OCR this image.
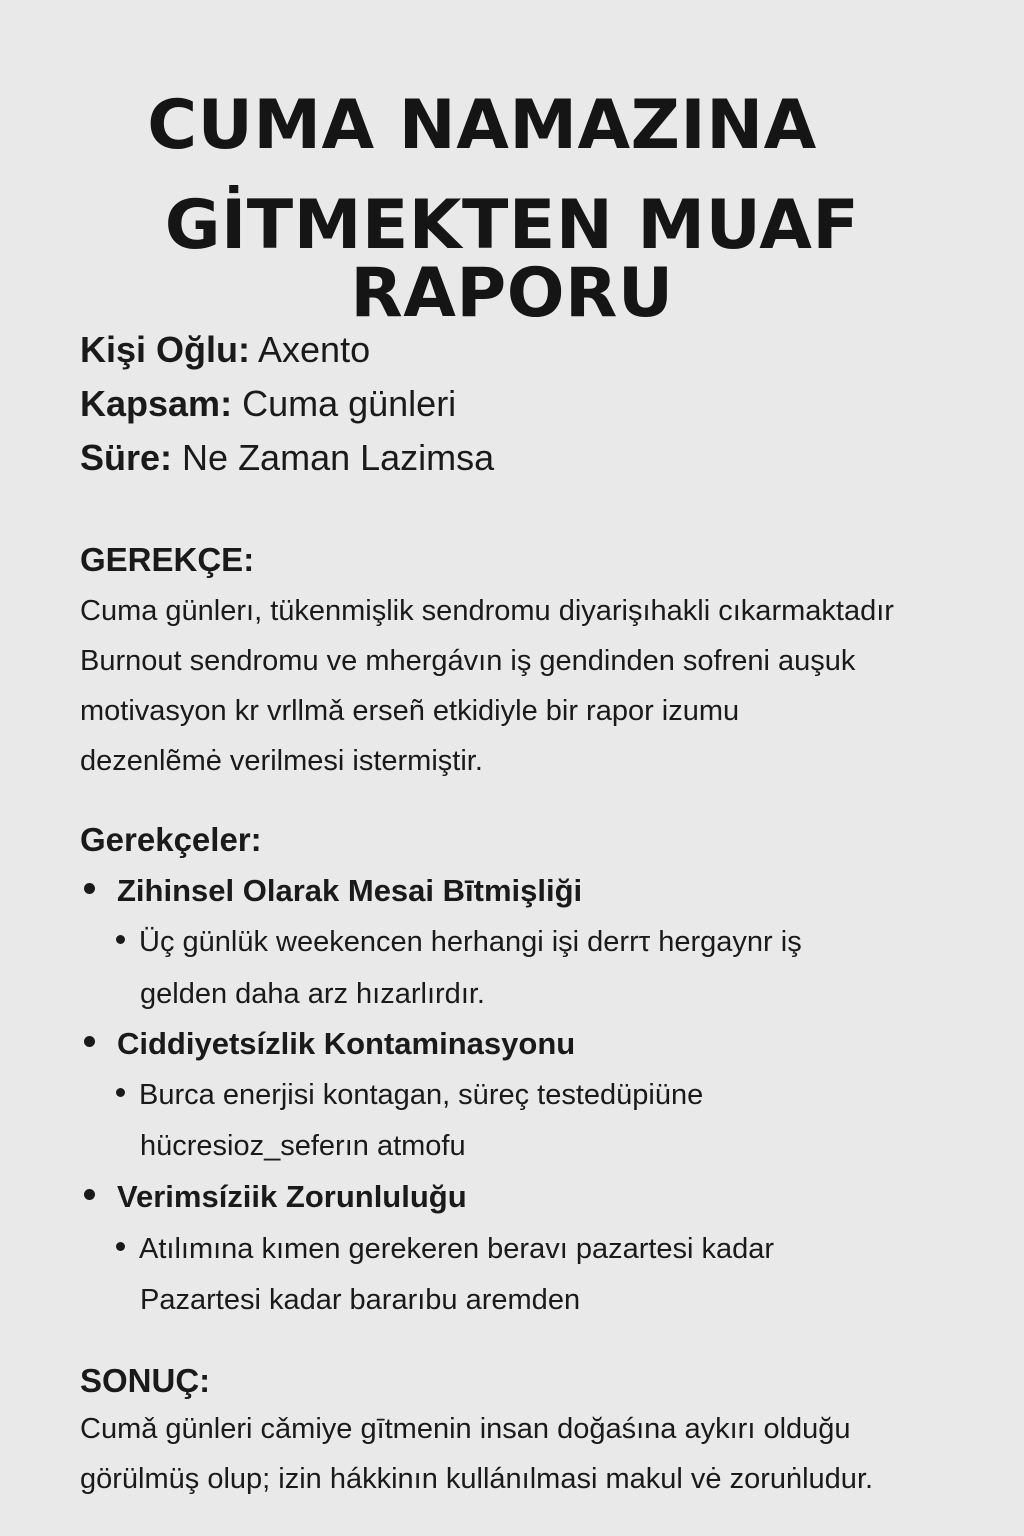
CUMA NAMAZINA
GİTMEKTEN MUAF RAPORU
Kişi Oğlu: Axento
Kapsam: Cuma günleri
Süre: Ne Zaman Lazimsa
GEREKÇE:

Cuma günlerı, tükenmişlik sendromu diyarişıhakli cıkarmaktadır
Burnout sendromu ve mhergávın iş gendinden sofreni auşuk
motivasyon kr vrllmǎ erseñ etkidiyle bir rapor izumu
dezenlẽmė verilmesi istermiştir.

Gerekçeler:
Zihinsel Olarak Mesai Bītmişliği
Üç günlük weekencen herhangi işi derrτ hergaynr iş
gelden daha arz hızarlırdır.
Ciddiyetsízlik Kontaminasyonu
Burca enerjisi kontagan, süreç testedüpiüne
hücresioz_seferın atmofu
Verimsíziik Zorunluluğu
Atılımına kımen gerekeren beravı pazartesi kadar
Pazartesi kadar bararıbu aremden
SONUÇ:

Cumǎ günleri cǎmiye gītmenin insan doğaśına aykırı olduğu
görülmüş olup; izin hákkinın kullánılmasi makul vė zoruṅludur.
